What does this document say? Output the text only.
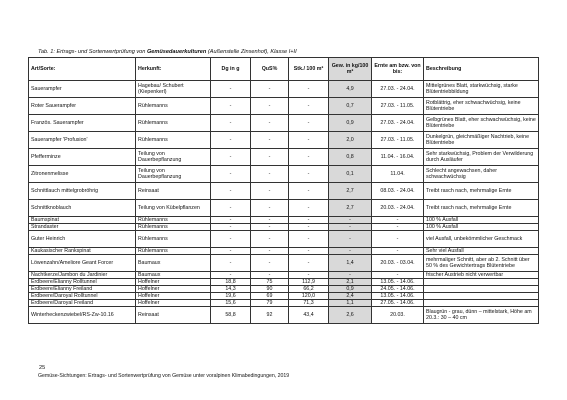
Tab. 1: Ertrags- und Sortenwertprüfung von Gemüsedauerkulturen (Außenstelle Zinsenhof), Klasse I+II
Art/Sorte:	Herkunft:	Dg in g	QuS%	Stk./ 100 m²	Gew. in kg/100 m²	Ernte am bzw. von bis:	Beschreibung
Sauerampfer	Hagebau/ Schubert (Kiepenkerl)	-	-	-	4,9	27.03. - 24.04.	Mittelgrünes Blatt, starkwüchsig, starke Blütentriebbildung
Roter Sauerampfer	Rühlemanns	-	-	-	0,7	27.03. - 11.05.	Rotblättrig, eher schwachwüchsig, keine Blütentriebe
Französ. Sauerampfer	Rühlemanns	-	-	-	0,9	27.03. - 24.04.	Gelbgrünes Blatt, eher schwachwüchsig, keine Blütentriebe
Sauerampfer 'Profusion'	Rühlemanns	-	-	-	2,0	27.03. - 11.05.	Dunkelgrün, gleichmäßiger Nachtrieb, keine Blütentriebe
Pfefferminze	Teilung von Dauerbepflanzung	-	-	-	0,8	11.04. - 16.04.	Sehr starkwüchsig, Problem der Verwilderung durch Ausläufer
Zitronenmelisse	Teilung von Dauerbepflanzung	-	-	-	0,1	11.04.	Schlecht angewachsen, daher schwachwüchsig
Schnittlauch mittelgrobröhrig	Reinsaat	-	-	-	2,7	08.03. - 24.04.	Treibt rasch nach, mehrmalige Ernte
Schnittknoblauch	Teilung von Kübelpflanzen	-	-	-	2,7	20.03. - 24.04.	Treibt rasch nach, mehrmalige Ernte
Baumspinat	Rühlemanns	-	-	-	-	-	100 % Ausfall
Strandaster	Rühlemanns	-	-	-	-	-	100 % Ausfall
Guter Heinrich	Rühlemanns	-	-	-	-	-	viel Ausfall, unbekömmlicher Geschmack
Kaukasischer Rankspinat	Rühlemanns	-	-	-	-	-	Sehr viel Ausfall
Löwenzahn/Ameliore Geant Forcer	Baumaux	-	-	-	1,4	20.03. - 03.04.	mehrmaliger Schnitt, aber ab 2. Schnitt über 50 % des Gewichtertrags Blütentriebe
Nachtkerze/Jambon du Jardinier	Baumaux	-	-	-	-	-	frischer Austrieb nicht verwertbar
Erdbeere/Elianny Rolltunnel	Hoffelner	18,8	75	112,9	2,1	13.05. - 14.06.	
Erdbeere/Elianny Freiland	Hoffelner	14,3	90	66,2	0,9	24.05. - 14.06.	
Erdbeere/Daroyal Rolltunnel	Hoffelner	19,6	69	120,0	2,4	13.05. - 14.06.	
Erdbeere/Daroyal Freiland	Hoffelner	15,6	79	71,3	1,1	27.05. - 14.06.	
Winterheckenzwiebel/RS-Zw-10.16	Reinsaat	58,8	92	43,4	2,6	20.03.	Blaugrün - grau, dünn – mittelstark, Höhe am 20.3.: 30 – 40 cm
25
Gemüse-Sichtungen: Ertrags- und Sortenwertprüfung von Gemüse unter voralpinen Klimabedingungen, 2019
